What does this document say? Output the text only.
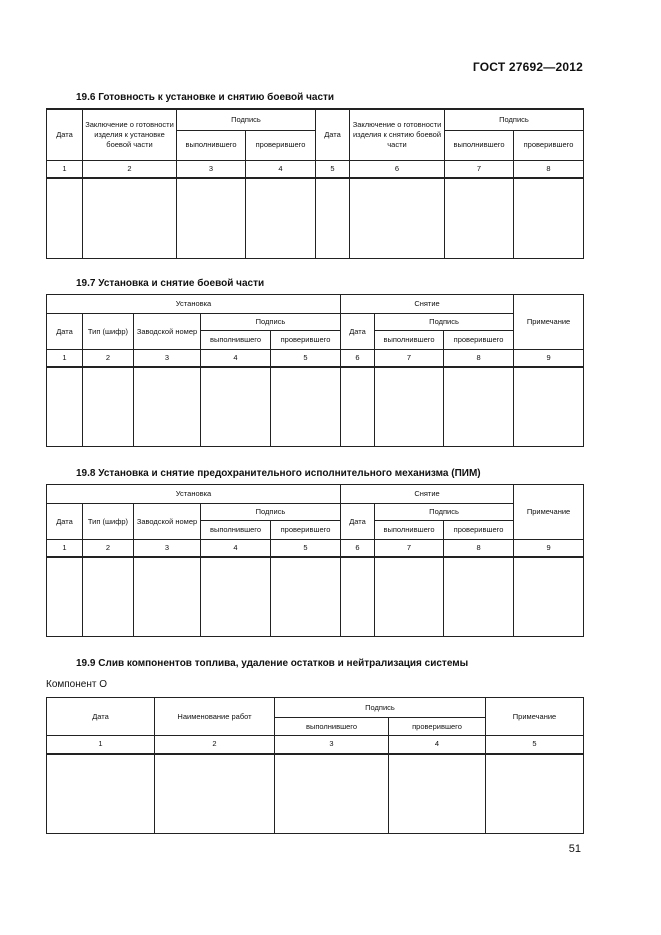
ГОСТ 27692—2012
19.6 Готовность к установке и снятию боевой части
Дата	Заключение о готовности изделия к установке боевой части	Подпись		Дата	Заключение о готовности изделия к снятию боевой части	Подпись	
		выполнившего	проверившего			выполнившего	проверившего
1	2	3	4	5	6	7	8

19.7 Установка и снятие боевой части
Установка					Снятие			Примечание
Дата	Тип (шифр)	Заводской номер	Подпись		Дата	Подпись		
			выполнившего	проверившего		выполнившего	проверившего	
1	2	3	4	5	6	7	8	9

19.8 Установка и снятие предохранительного исполнительного механизма (ПИМ)
Установка					Снятие			Примечание
Дата	Тип (шифр)	Заводской номер	Подпись		Дата	Подпись		
			выполнившего	проверившего		выполнившего	проверившего	
1	2	3	4	5	6	7	8	9

19.9 Слив компонентов топлива, удаление остатков и нейтрализация системы
Компонент О
Дата	Наименование работ	Подпись		Примечание
		выполнившего	проверившего	
1	2	3	4	5

51
